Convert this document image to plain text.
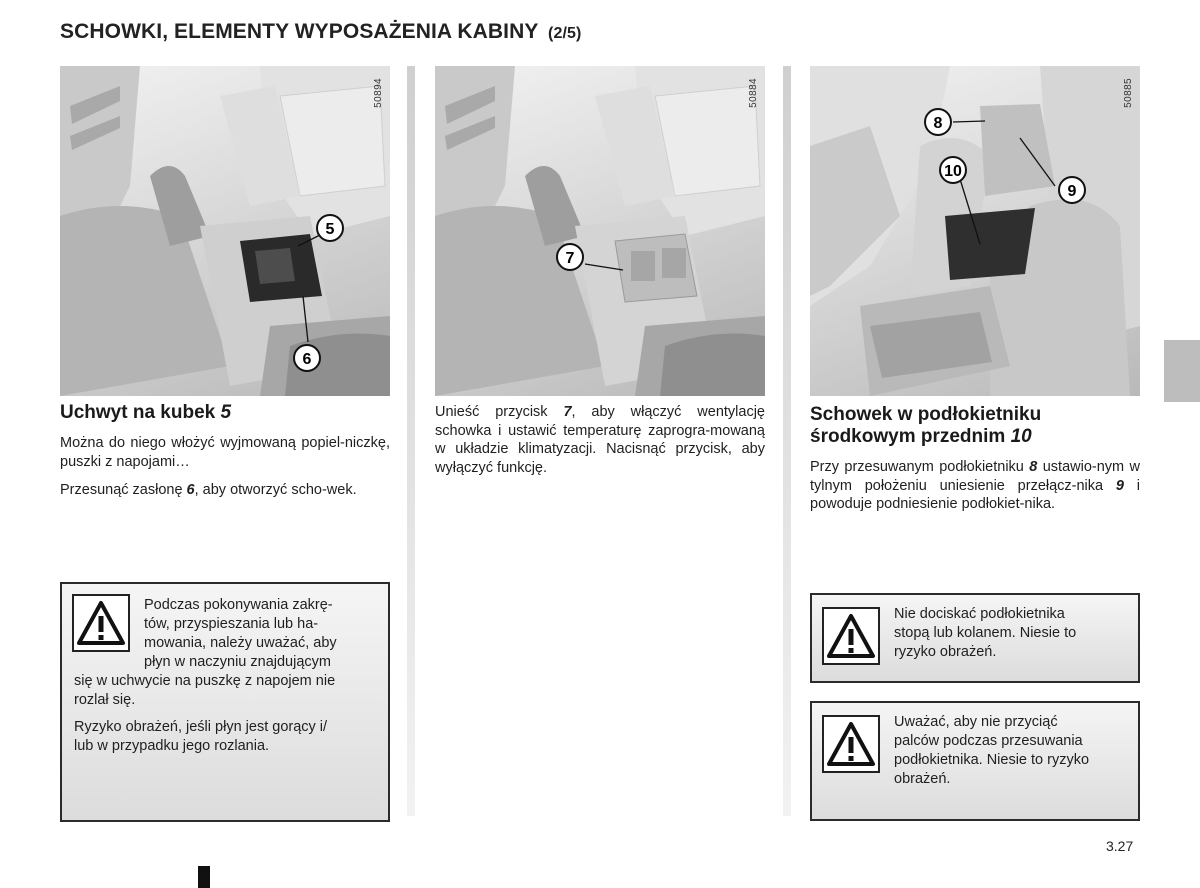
SCHOWKI, ELEMENTY WYPOSAŻENIA KABINY (2/5)
5
6
50894
7
50884
8
9
10
50885
Uchwyt na kubek 5

Można do niego włożyć wyjmowaną popiel-niczkę, puszki z napojami…

Przesunąć zasłonę 6, aby otworzyć scho-wek.

Podczas pokonywania zakrę-
tów, przyspieszania lub ha-
mowania, należy uważać, aby
płyn w naczyniu znajdującym
się w uchwycie na puszkę z napojem nie
rozlał się.
Ryzyko obrażeń, jeśli płyn jest gorący i/
lub w przypadku jego rozlania.

Unieść przycisk 7, aby włączyć wentylację schowka i ustawić temperaturę zaprogra-mowaną w układzie klimatyzacji. Nacisnąć przycisk, aby wyłączyć funkcję.

Schowek w podłokietniku
środkowym przednim 10

Przy przesuwanym podłokietniku 8 ustawio-nym w tylnym położeniu uniesienie przełącz-nika 9 i powoduje podniesienie podłokiet-nika.

Nie dociskać podłokietnika
stopą lub kolanem. Niesie to
ryzyko obrażeń.
Uważać, aby nie przyciąć
palców podczas przesuwania
podłokietnika. Niesie to ryzyko
obrażeń.
3.27
